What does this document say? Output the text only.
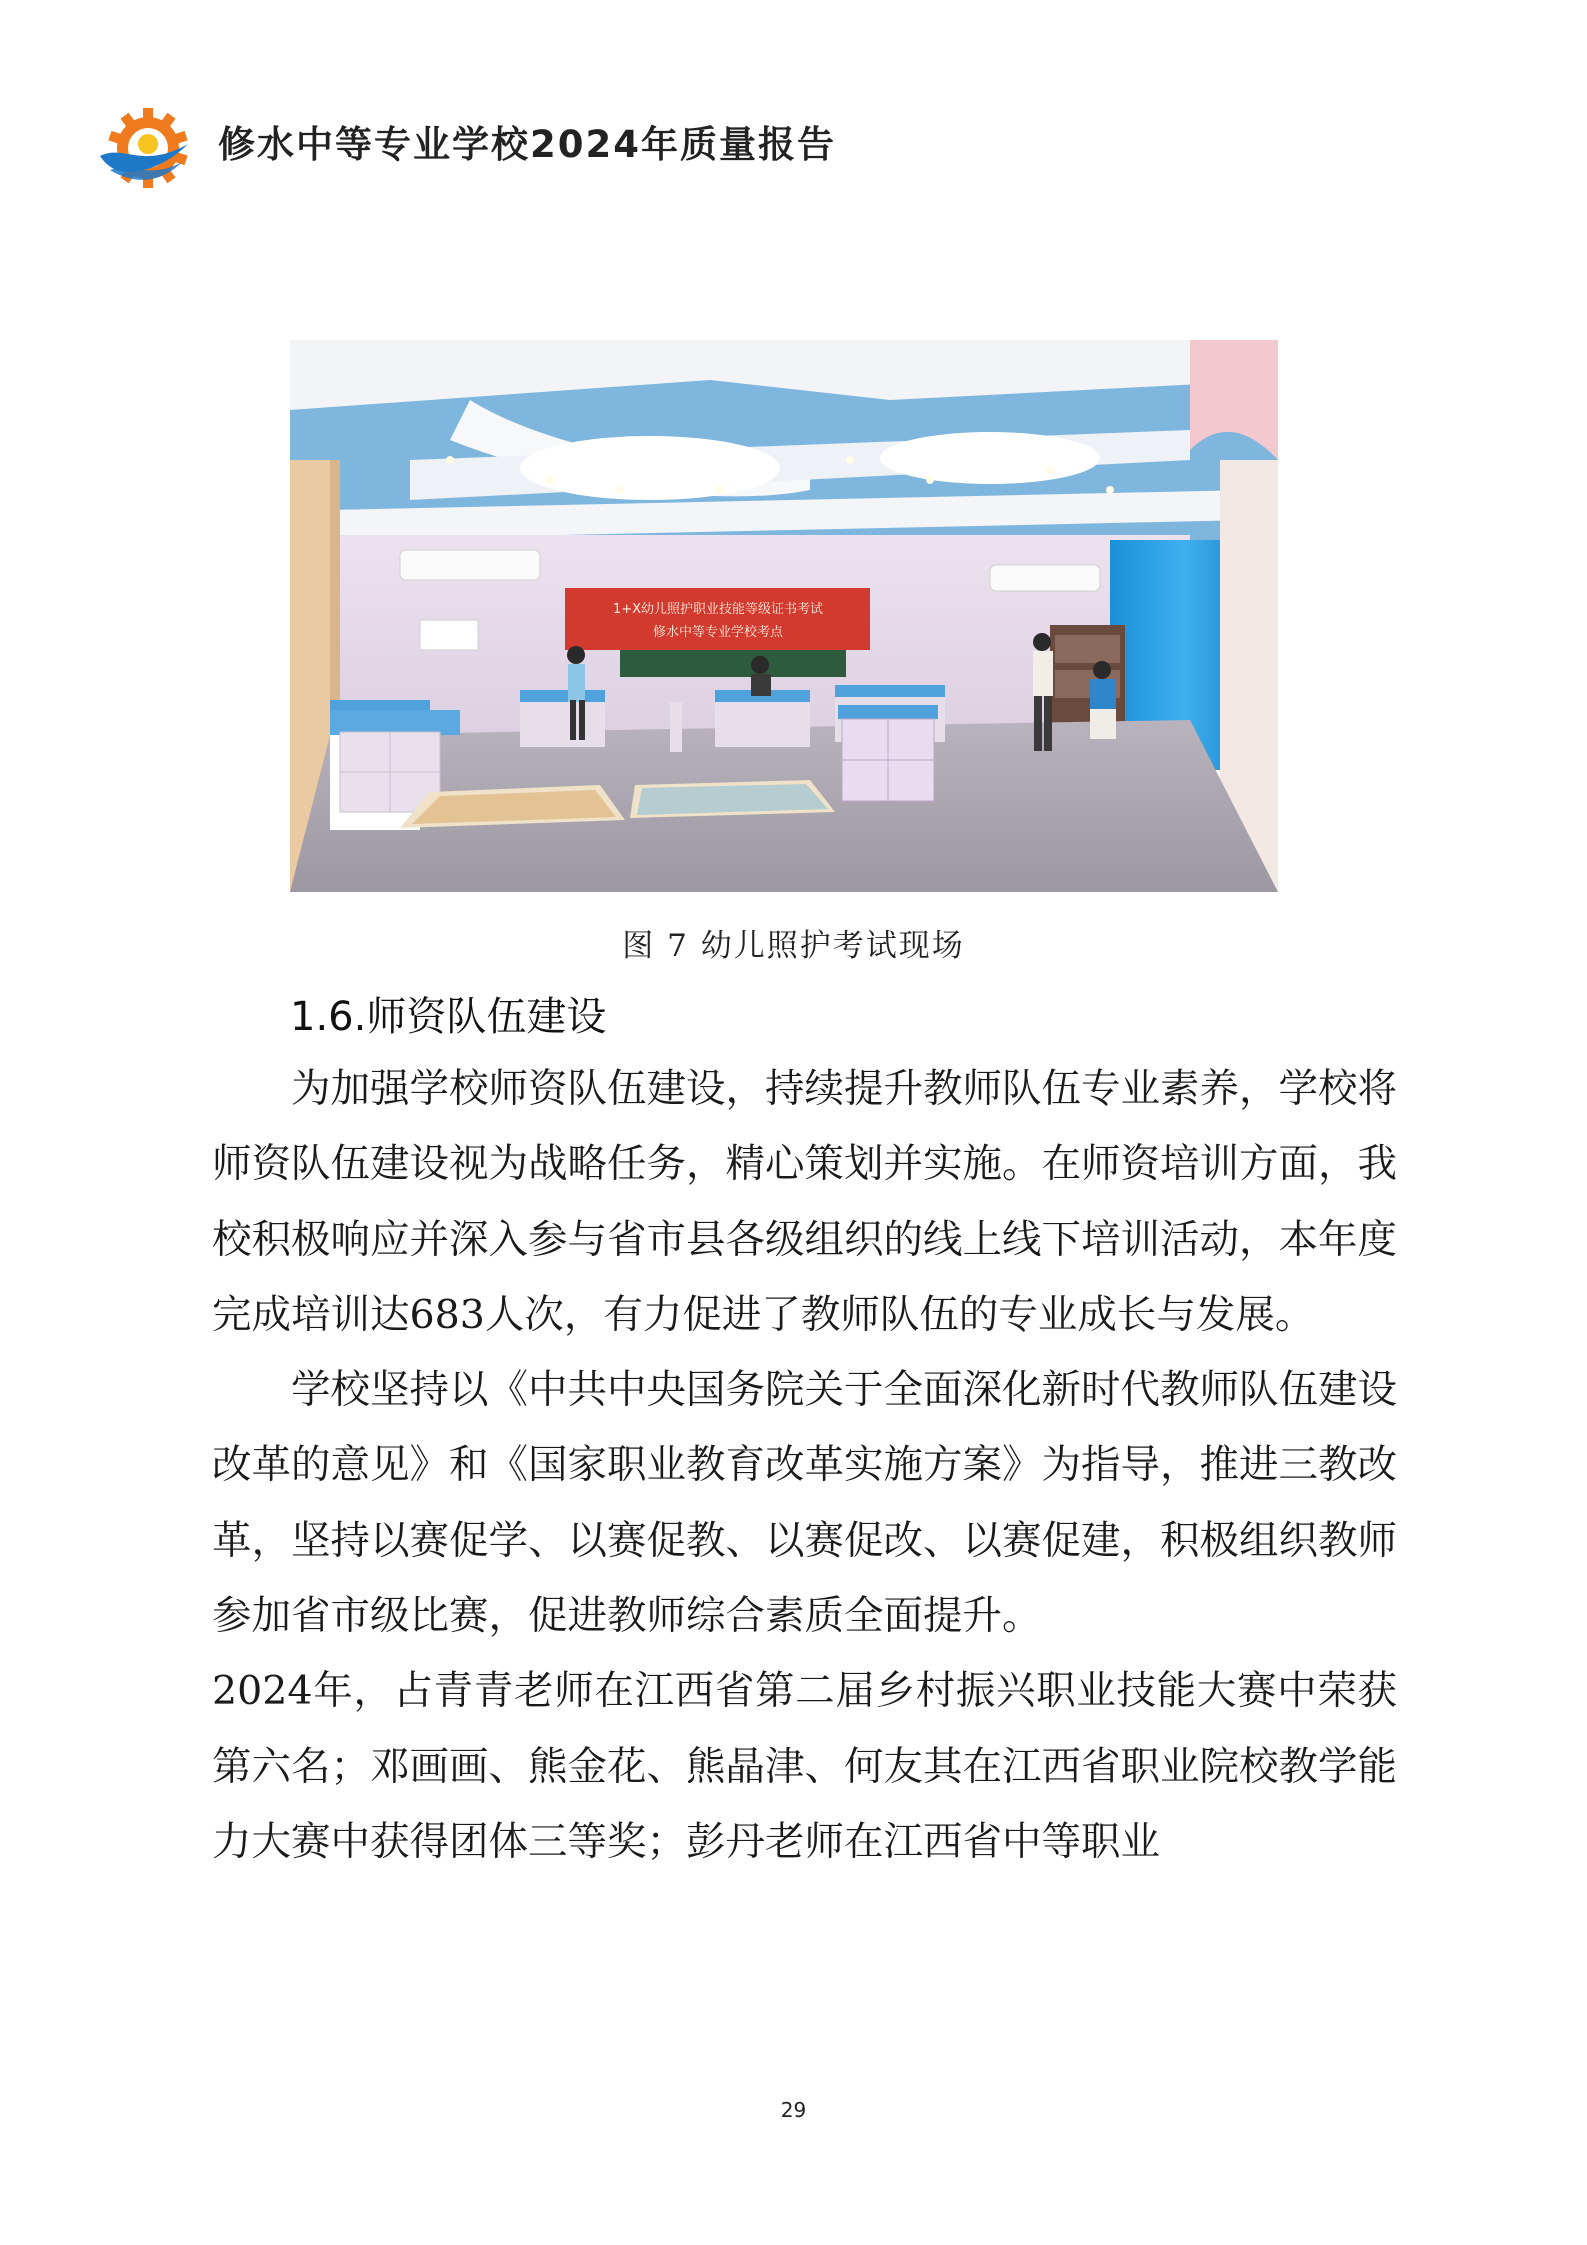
修水中等专业学校2024年质量报告
1+X幼儿照护职业技能等级证书考试
修水中等专业学校考点
图 7 幼儿照护考试现场
1.6.师资队伍建设

为加强学校师资队伍建设，持续提升教师队伍专业素养，学校将师资队伍建设视为战略任务，精心策划并实施。在师资培训方面，我校积极响应并深入参与省市县各级组织的线上线下培训活动，本年度完成培训达683人次，有力促进了教师队伍的专业成长与发展。

学校坚持以《中共中央国务院关于全面深化新时代教师队伍建设改革的意见》和《国家职业教育改革实施方案》为指导，推进三教改革，坚持以赛促学、以赛促教、以赛促改、以赛促建，积极组织教师参加省市级比赛，促进教师综合素质全面提升。

2024年，占青青老师在江西省第二届乡村振兴职业技能大赛中荣获第六名；邓画画、熊金花、熊晶津、何友其在江西省职业院校教学能力大赛中获得团体三等奖；彭丹老师在江西省中等职业

29
